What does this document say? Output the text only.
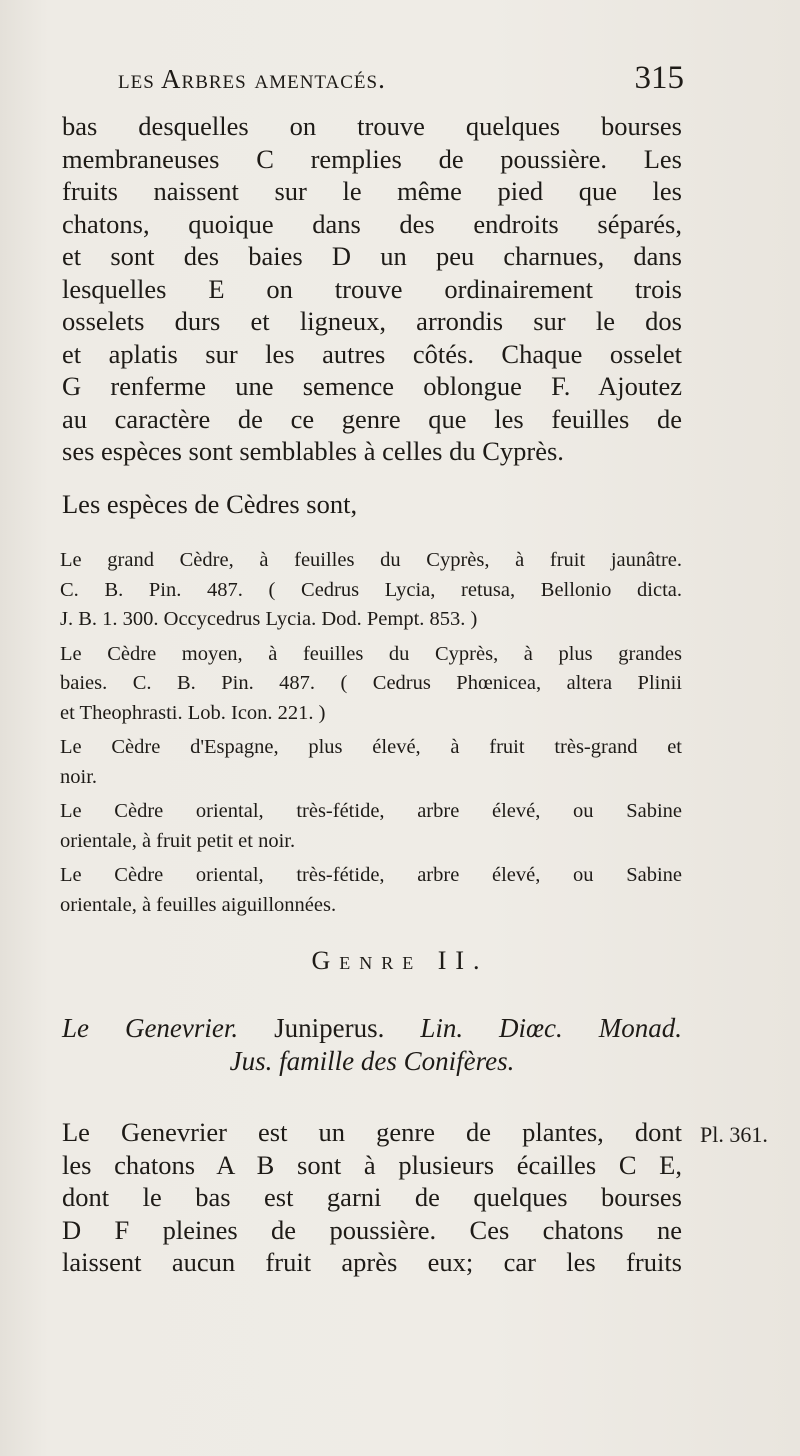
les Arbres amentacés.	315
bas desquelles on trouve quelques bourses
membraneuses C remplies de poussière. Les
fruits naissent sur le même pied que les
chatons, quoique dans des endroits séparés,
et sont des baies D un peu charnues, dans
lesquelles E on trouve ordinairement trois
osselets durs et ligneux, arrondis sur le dos
et aplatis sur les autres côtés. Chaque osselet
G renferme une semence oblongue F. Ajoutez
au caractère de ce genre que les feuilles de
ses espèces sont semblables à celles du Cyprès.
Les espèces de Cèdres sont,
Le grand Cèdre, à feuilles du Cyprès, à fruit jaunâtre.
C. B. Pin. 487. ( Cedrus Lycia, retusa, Bellonio dicta.
J. B. 1. 300. Occycedrus Lycia. Dod. Pempt. 853. )
Le Cèdre moyen, à feuilles du Cyprès, à plus grandes
baies. C. B. Pin. 487. ( Cedrus Phœnicea, altera Plinii
et Theophrasti. Lob. Icon. 221. )
Le Cèdre d'Espagne, plus élevé, à fruit très-grand et
noir.
Le Cèdre oriental, très-fétide, arbre élevé, ou Sabine
orientale, à fruit petit et noir.
Le Cèdre oriental, très-fétide, arbre élevé, ou Sabine
orientale, à feuilles aiguillonnées.
Genre II.
Le Genevrier. Juniperus. Lin. Diœc. Monad.
Jus. famille des Conifères.
Le Genevrier est un genre de plantes, dont
les chatons A B sont à plusieurs écailles C E,
dont le bas est garni de quelques bourses
D F pleines de poussière. Ces chatons ne
laissent aucun fruit après eux; car les fruits
Pl. 361.
